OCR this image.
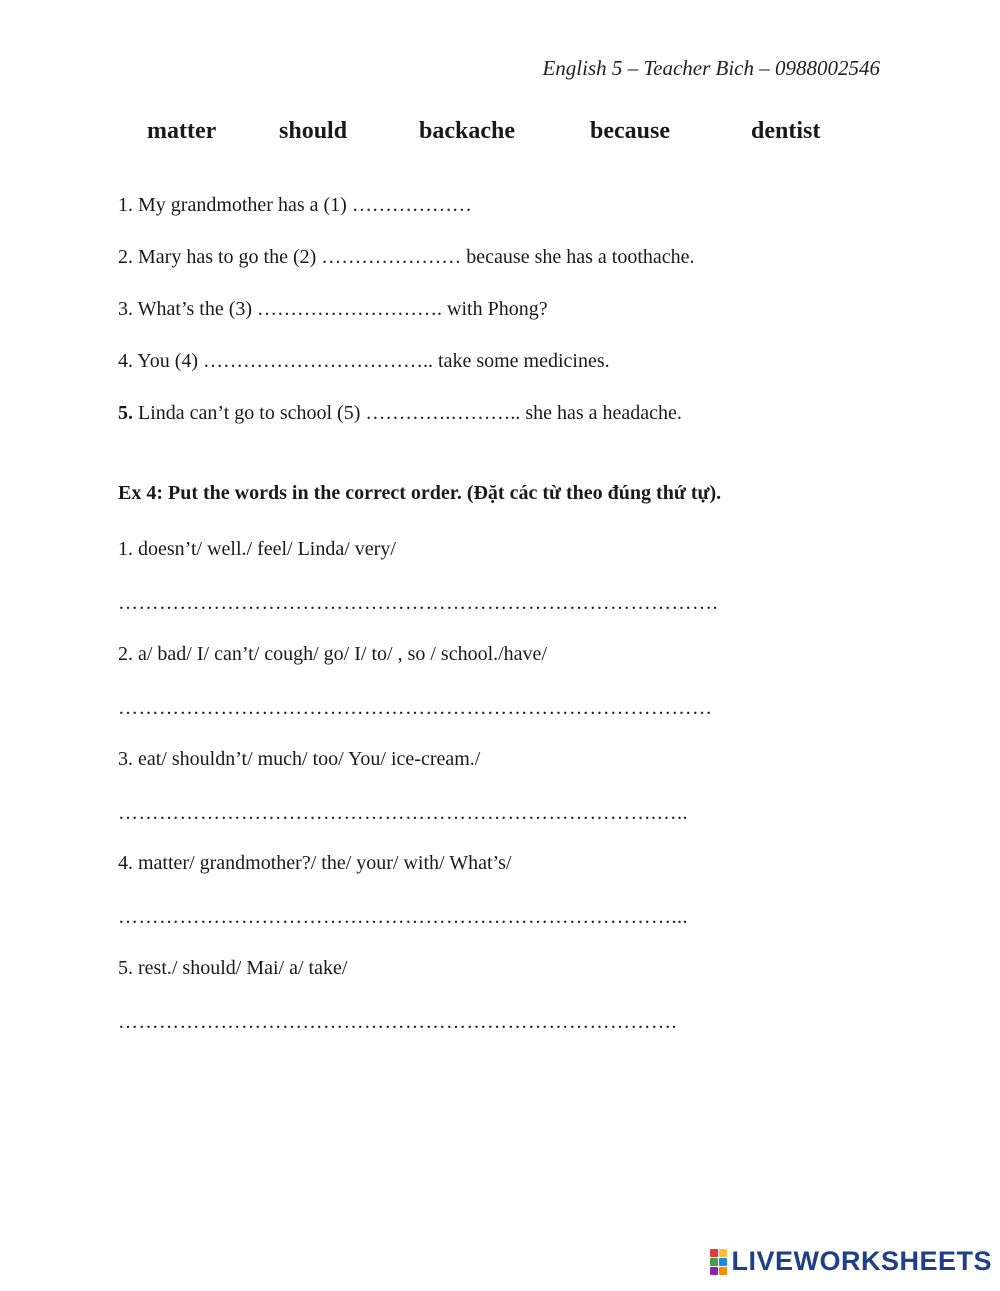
English 5 – Teacher Bich – 0988002546
matter	should	backache	because	dentist
1. My grandmother has a (1) ………………
2. Mary has to go the (2) ………………… because she has a toothache.
3. What’s the (3) ………………………. with Phong?
4. You (4) …………………………….. take some medicines.
5. Linda can’t go to school (5) ………….……….. she has a headache.
Ex 4: Put the words in the correct order. (Đặt các từ theo đúng thứ tự).
1. doesn’t/ well./ feel/ Linda/ very/
…………………………………………………………………………….
2. a/ bad/ I/ can’t/ cough/ go/ I/ to/ , so / school./have/
……………………………………………………………………………
3. eat/ shouldn’t/ much/ too/ You/ ice-cream./
…………………………………………………………………….…..
4. matter/ grandmother?/ the/ your/ with/ What’s/
………………………………………………………………………...
5. rest./ should/ Mai/ a/ take/
……………………………………………………………………….
LIVEWORKSHEETS
